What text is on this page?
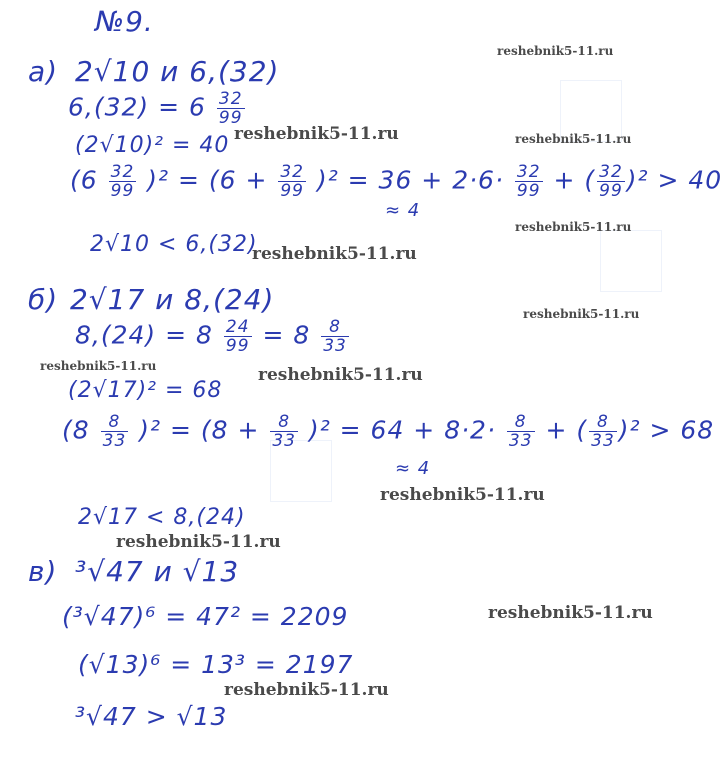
reshebnik5-11.ru
reshebnik5-11.ru	reshebnik5-11.ru
reshebnik5-11.ru
reshebnik5-11.ru
reshebnik5-11.ru
reshebnik5-11.ru	reshebnik5-11.ru
reshebnik5-11.ru
reshebnik5-11.ru
reshebnik5-11.ru
reshebnik5-11.ru
№9.
а) 2√10 и 6,(32)
$6,(32) = 6 \frac{32}{99}$
(2√10)² = 40
$(6 \frac{32}{99} )^2 = (6 + \frac{32}{99} )^2 = 36 + 2\cdot 6\cdot \frac{32}{99}$ + ( $\frac{32}{99} )^2 > 40$
≈ 4
2√10 < 6,(32)
б) 2√17 и 8,(24)
$8,(24) = 8 \frac{24}{99} = 8 \frac{8}{33}$
(2√17)² = 68
$(8 \frac{8}{33} )^2 = (8 + \frac{8}{33} )^2 = 64 + 8\cdot 2\cdot \frac{8}{33}$ + ( $\frac{8}{33} )^2 > 68$
≈ 4
2√17 < 8,(24)
в) ³√47 и √13
(³√47)⁶ = 47² = 2209
(√13)⁶ = 13³ = 2197
³√47 > √13
